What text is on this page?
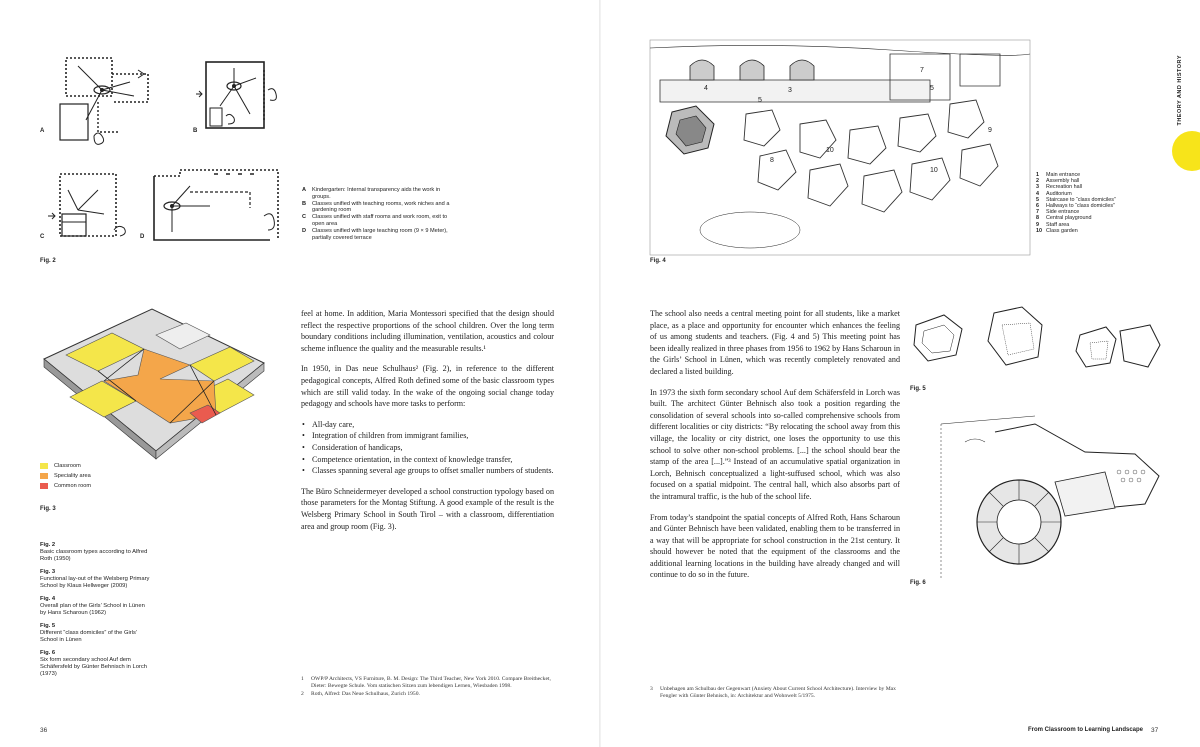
A	B
C	D
A	Kindergarten: Internal transparency aids the work in groups.
B	Classes unified with teaching rooms, work niches and a gardening room
C	Classes unified with staff rooms and work room, exit to open area
D	Classes unified with large teaching room (9 × 9 Meter), partially covered terrace
Fig. 2
Classroom
Speciality area
Common room
Fig. 3
Fig. 2
Basic classroom types according to Alfred Roth (1950)
Fig. 3
Functional lay-out of the Welsberg Primary School by Klaus Hellweger (2009)
Fig. 4
Overall plan of the Girls’ School in Lünen by Hans Scharoun (1962)
Fig. 5
Different “class domiciles” of the Girls’ School in Lünen
Fig. 6
Six form secondary school Auf dem Schäfersfeld by Günter Behnisch in Lorch (1973)

feel at home. In addition, Maria Montessori specified that the design should reflect the respective proportions of the school children. Over the long term boundary conditions including illumination, ventilation, acoustics and colour scheme influence the quality and the measurable results.¹

In 1950, in Das neue Schulhaus² (Fig. 2), in reference to the different pedagogical concepts, Alfred Roth defined some of the basic classroom types which are still valid today. In the wake of the ongoing social change today pedagogy and schools have more tasks to perform:

• All-day care,
• Integration of children from immigrant families,
• Consideration of handicaps,
• Competence orientation, in the context of knowledge transfer,
• Classes spanning several age groups to offset smaller numbers of students.

The Büro Schneidermeyer developed a school construction typology based on those parameters for the Montag Stiftung. A good example of the result is the Welsberg Primary School in South Tirol – with a classroom, differentiation area and group room (Fig. 3).

1	OWP/P Architects, VS Furniture, B. M. Design: The Third Teacher, New York 2010. Compare Breithecket, Dieter: Bewegte Schule. Vom statischen Sitzen zum lebendigen Lernen, Wiesbaden 1998.
2	Roth, Alfred: Das Neue Schulhaus, Zurich 1950.
36
8
10
10
9
7
3
4
5
5
1	Main entrance
2	Assembly hall
3	Recreation hall
4	Auditorium
5	Staircase to “class domiciles”
6	Hallways to “class domiciles”
7	Side entrance
8	Central playground
9	Staff area
10 Class garden
Fig. 4

The school also needs a central meeting point for all students, like a market place, as a place and opportunity for encounter which enhances the feeling of us among students and teachers. (Fig. 4 and 5) This meeting point has been ideally realized in three phases from 1956 to 1962 by Hans Scharoun in the Girls’ School in Lünen, which was recently completely renovated and declared a listed building.

In 1973 the sixth form secondary school Auf dem Schäfersfeld in Lorch was built. The architect Günter Behnisch also took a position regarding the consolidation of several schools into so-called comprehensive schools from different localities or city districts: “By relocating the school away from this village, the locality or city district, one loses the opportunity to use this school to solve other non-school problems. [...] the school should bear the stamp of the area [...].”³ Instead of an accumulative spatial organization in Lorch, Behnisch conceptualized a light-suffused school, which was also focused on a spatial midpoint. The central hall, which also absorbs part of the intramural traffic, is the hub of the school life.

From today’s standpoint the spatial concepts of Alfred Roth, Hans Scharoun and Günter Behnisch have been validated, enabling them to be transferred in a way that will be appropriate for school construction in the 21st century. It should however be noted that the equipment of the classrooms and the additional learning locations in the building have already changed and will continue to do so in the future.

Fig. 5
Fig. 6
3	Unbehagen am Schulbau der Gegenwart (Anxiety About Current School Architecture). Interview by Max Fengler with Günter Behnisch, in: Architektur and Wohnwelt 5/1975.
From Classroom to Learning Landscape 37
THEORY AND HISTORY
